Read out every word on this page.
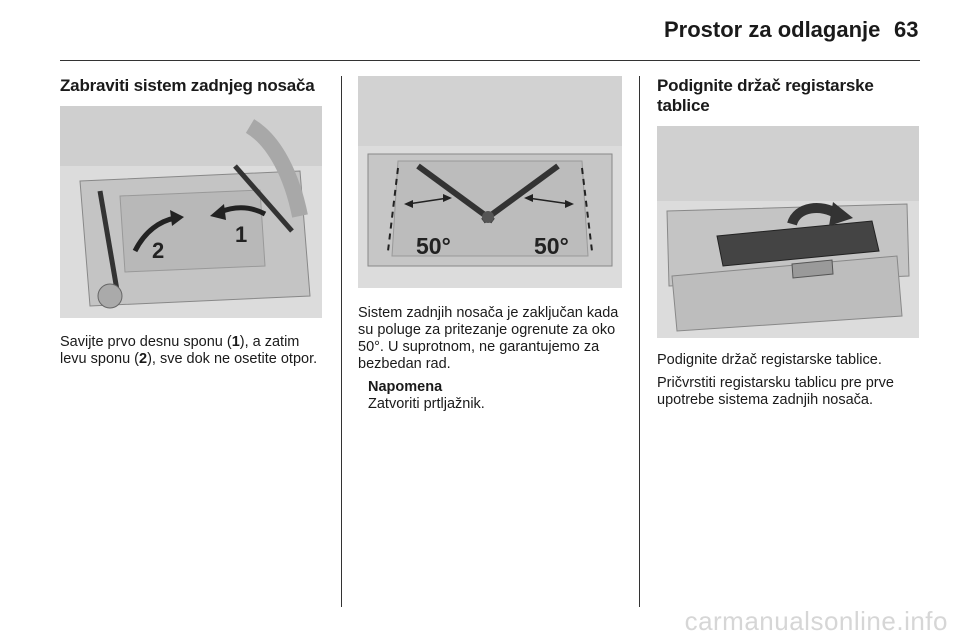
Prostor za odlaganje 63
Zabraviti sistem zadnjeg nosača
1
2

Savijte prvo desnu sponu (1), a zatim levu sponu (2), sve dok ne osetite otpor.

50°	50°

Sistem zadnjih nosača je zaključan kada su poluge za pritezanje ogrenute za oko 50°. U suprotnom, ne garantujemo za bezbedan rad.

Napomena

Zatvoriti prtljažnik.

Podignite držač registarske tablice

Podignite držač registarske tablice.

Pričvrstiti registarsku tablicu pre prve upotrebe sistema zadnjih nosača.

carmanualsonline.info
